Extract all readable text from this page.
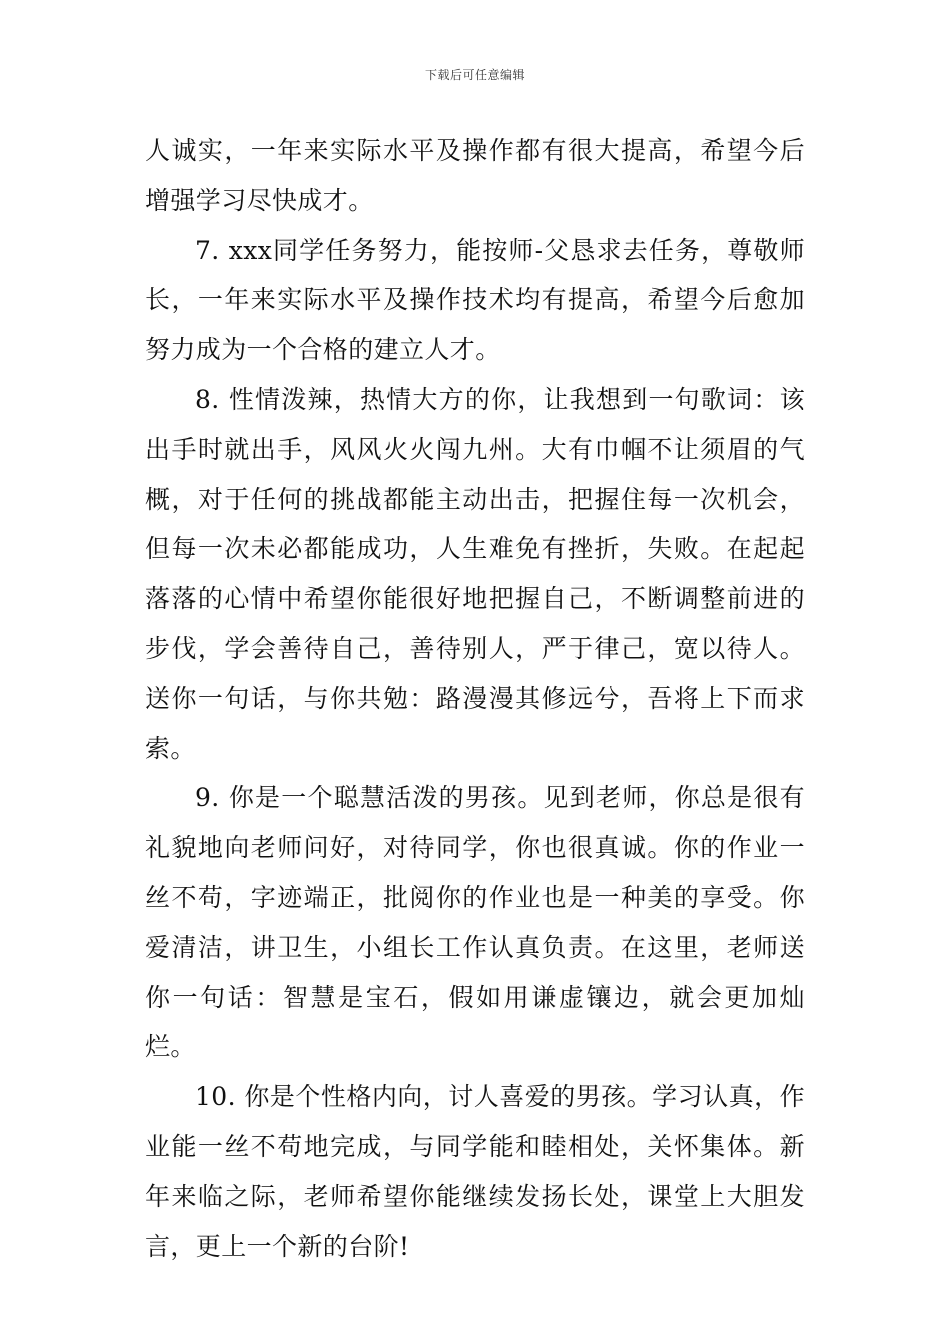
下载后可任意编辑

人诚实，一年来实际水平及操作都有很大提高，希望今后增强学习尽快成才。

7. xxx同学任务努力，能按师-父恳求去任务，尊敬师长，一年来实际水平及操作技术均有提高，希望今后愈加努力成为一个合格的建立人才。

8. 性情泼辣，热情大方的你，让我想到一句歌词：该出手时就出手，风风火火闯九州。大有巾帼不让须眉的气概，对于任何的挑战都能主动出击，把握住每一次机会，但每一次未必都能成功，人生难免有挫折，失败。在起起落落的心情中希望你能很好地把握自己，不断调整前进的步伐，学会善待自己，善待别人，严于律己，宽以待人。送你一句话，与你共勉：路漫漫其修远兮，吾将上下而求索。

9. 你是一个聪慧活泼的男孩。见到老师，你总是很有礼貌地向老师问好，对待同学，你也很真诚。你的作业一丝不苟，字迹端正，批阅你的作业也是一种美的享受。你爱清洁，讲卫生，小组长工作认真负责。在这里，老师送你一句话：智慧是宝石，假如用谦虚镶边，就会更加灿烂。

10. 你是个性格内向，讨人喜爱的男孩。学习认真，作业能一丝不苟地完成，与同学能和睦相处，关怀集体。新年来临之际，老师希望你能继续发扬长处，课堂上大胆发言，更上一个新的台阶!
